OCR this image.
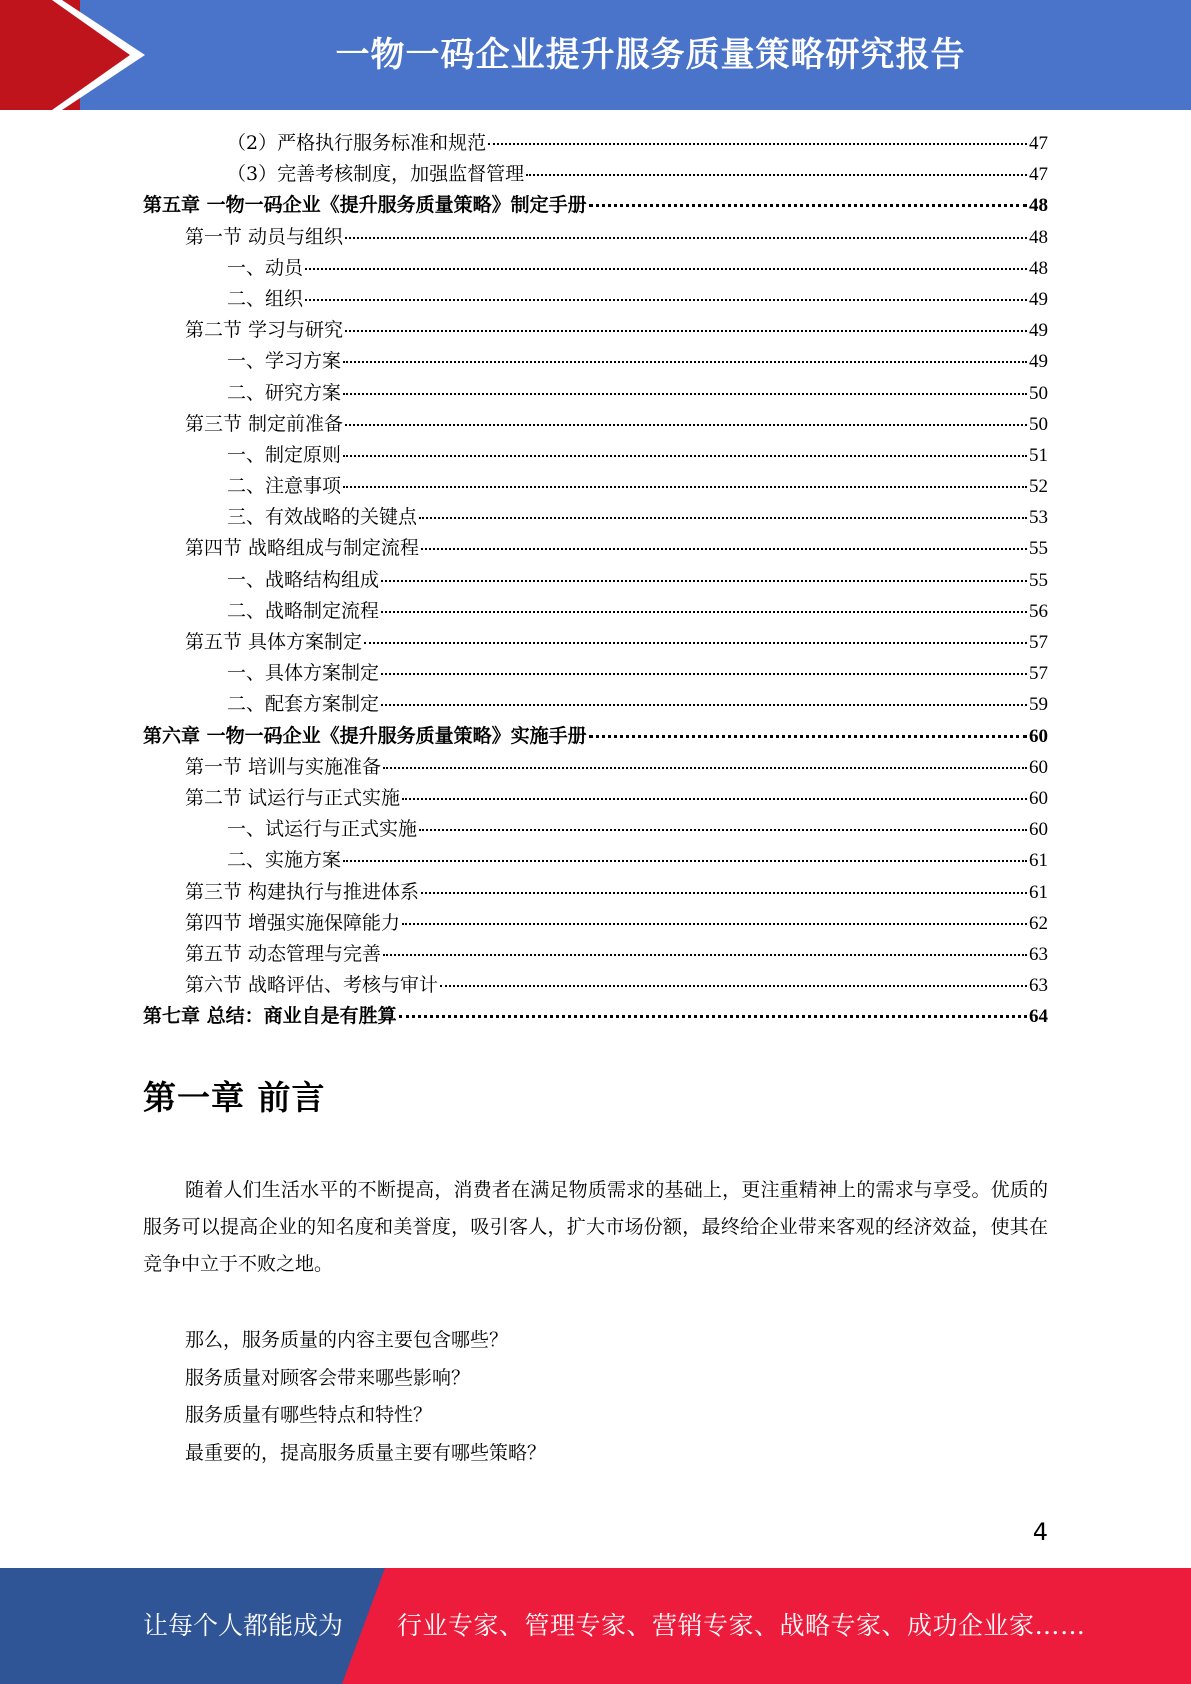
一物一码企业提升服务质量策略研究报告
（2）严格执行服务标准和规范	47
（3）完善考核制度，加强监督管理	47
第五章 一物一码企业《提升服务质量策略》制定手册	48
第一节 动员与组织	48
一、动员	48
二、组织	49
第二节 学习与研究	49
一、学习方案	49
二、研究方案	50
第三节 制定前准备	50
一、制定原则	51
二、注意事项	52
三、有效战略的关键点	53
第四节 战略组成与制定流程	55
一、战略结构组成	55
二、战略制定流程	56
第五节 具体方案制定	57
一、具体方案制定	57
二、配套方案制定	59
第六章 一物一码企业《提升服务质量策略》实施手册	60
第一节 培训与实施准备	60
第二节 试运行与正式实施	60
一、试运行与正式实施	60
二、实施方案	61
第三节 构建执行与推进体系	61
第四节 增强实施保障能力	62
第五节 动态管理与完善	63
第六节 战略评估、考核与审计	63
第七章 总结：商业自是有胜算	64
第一章 前言
随着人们生活水平的不断提高，消费者在满足物质需求的基础上，更注重精神上的需求与享受。优质的服务可以提高企业的知名度和美誉度，吸引客人，扩大市场份额，最终给企业带来客观的经济效益，使其在竞争中立于不败之地。
那么，服务质量的内容主要包含哪些？
服务质量对顾客会带来哪些影响？
服务质量有哪些特点和特性？
最重要的，提高服务质量主要有哪些策略？
4
让每个人都能成为 行业专家、管理专家、营销专家、战略专家、成功企业家……
